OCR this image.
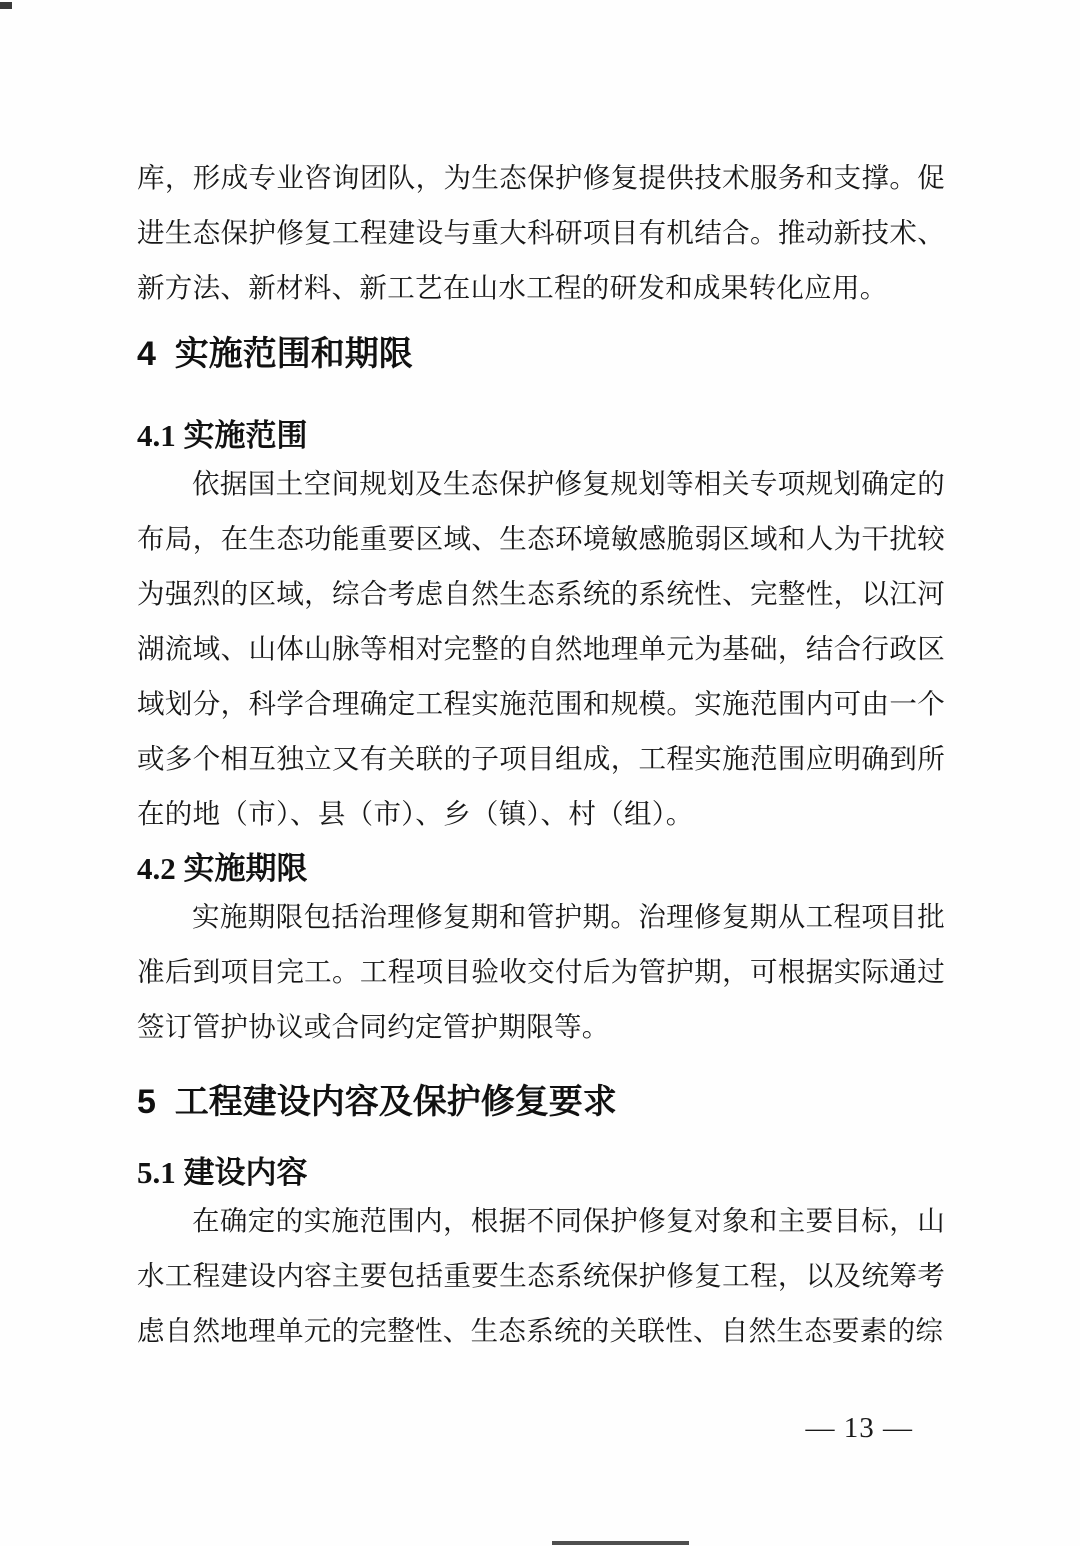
库，形成专业咨询团队，为生态保护修复提供技术服务和支撑。促进生态保护修复工程建设与重大科研项目有机结合。推动新技术、新方法、新材料、新工艺在山水工程的研发和成果转化应用。

4  实施范围和期限
4.1 实施范围

依据国土空间规划及生态保护修复规划等相关专项规划确定的布局，在生态功能重要区域、生态环境敏感脆弱区域和人为干扰较为强烈的区域，综合考虑自然生态系统的系统性、完整性，以江河湖流域、山体山脉等相对完整的自然地理单元为基础，结合行政区域划分，科学合理确定工程实施范围和规模。实施范围内可由一个或多个相互独立又有关联的子项目组成，工程实施范围应明确到所在的地（市）、县（市）、乡（镇）、村（组）。

4.2 实施期限

实施期限包括治理修复期和管护期。治理修复期从工程项目批准后到项目完工。工程项目验收交付后为管护期，可根据实际通过签订管护协议或合同约定管护期限等。

5  工程建设内容及保护修复要求
5.1 建设内容

在确定的实施范围内，根据不同保护修复对象和主要目标，山水工程建设内容主要包括重要生态系统保护修复工程，以及统筹考虑自然地理单元的完整性、生态系统的关联性、自然生态要素的综

— 13 —
